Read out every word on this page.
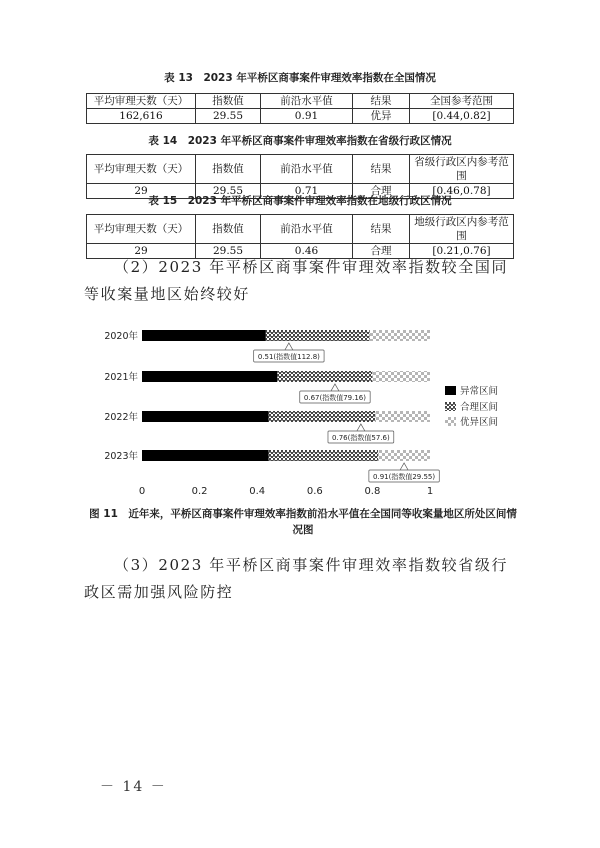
表 13　2023 年平桥区商事案件审理效率指数在全国情况
平均审理天数（天）	指数值	前沿水平值	结果	全国参考范围
162,616	29.55	0.91	优异	[0.44,0.82]
表 14　2023 年平桥区商事案件审理效率指数在省级行政区情况
平均审理天数（天）	指数值	前沿水平值	结果	省级行政区内参考范围
29	29.55	0.71	合理	[0.46,0.78]
表 15　2023 年平桥区商事案件审理效率指数在地级行政区情况
平均审理天数（天）	指数值	前沿水平值	结果	地级行政区内参考范围
29	29.55	0.46	合理	[0.21,0.76]
（2）2023 年平桥区商事案件审理效率指数较全国同等收案量地区始终较好
2020年
2021年
2022年
2023年
0.51(指数值112.8)
0.67(指数值79.16)
0.76(指数值57.6)
0.91(指数值29.55)
0	0.2	0.4	0.6	0.8	1
异常区间
合理区间
优异区间
图 11　近年来，平桥区商事案件审理效率指数前沿水平值在全国同等收案量地区所处区间情况图
（3）2023 年平桥区商事案件审理效率指数较省级行政区需加强风险防控
－ 14 －
